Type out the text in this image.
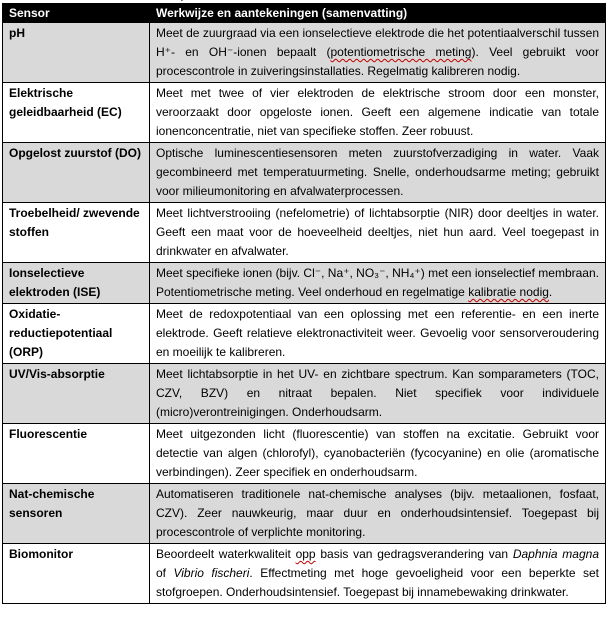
Sensor	Werkwijze en aantekeningen (samenvatting)
pH	Meet de zuurgraad via een ionselectieve elektrode die het potentiaalverschil tussen H⁺- en OH⁻-ionen bepaalt (potentiometrische meting). Veel gebruikt voor procescontrole in zuiveringsinstallaties. Regelmatig kalibreren nodig.
Elektrische geleidbaarheid (EC)	Meet met twee of vier elektroden de elektrische stroom door een monster, veroorzaakt door opgeloste ionen. Geeft een algemene indicatie van totale ionenconcentratie, niet van specifieke stoffen. Zeer robuust.
Opgelost zuurstof (DO)	Optische luminescentiesensoren meten zuurstofverzadiging in water. Vaak gecombineerd met temperatuurmeting. Snelle, onderhoudsarme meting; gebruikt voor milieumonitoring en afvalwaterprocessen.
Troebelheid/ zwevende stoffen	Meet lichtverstrooiing (nefelometrie) of lichtabsorptie (NIR) door deeltjes in water. Geeft een maat voor de hoeveelheid deeltjes, niet hun aard. Veel toegepast in drinkwater en afvalwater.
Ionselectieve elektroden (ISE)	Meet specifieke ionen (bijv. Cl⁻, Na⁺, NO₃⁻, NH₄⁺) met een ionselectief membraan. Potentiometrische meting. Veel onderhoud en regelmatige kalibratie nodig.
Oxidatie-reductiepotentiaal (ORP)	Meet de redoxpotentiaal van een oplossing met een referentie- en een inerte elektrode. Geeft relatieve elektronactiviteit weer. Gevoelig voor sensorveroudering en moeilijk te kalibreren.
UV/Vis-absorptie	Meet lichtabsorptie in het UV- en zichtbare spectrum. Kan somparameters (TOC, CZV, BZV) en nitraat bepalen. Niet specifiek voor individuele (micro)verontreinigingen. Onderhoudsarm.
Fluorescentie	Meet uitgezonden licht (fluorescentie) van stoffen na excitatie. Gebruikt voor detectie van algen (chlorofyl), cyanobacteriën (fycocyanine) en olie (aromatische verbindingen). Zeer specifiek en onderhoudsarm.
Nat-chemische sensoren	Automatiseren traditionele nat-chemische analyses (bijv. metaalionen, fosfaat, CZV). Zeer nauwkeurig, maar duur en onderhoudsintensief. Toegepast bij procescontrole of verplichte monitoring.
Biomonitor	Beoordeelt waterkwaliteit opp basis van gedragsverandering van Daphnia magna of Vibrio fischeri. Effectmeting met hoge gevoeligheid voor een beperkte set stofgroepen. Onderhoudsintensief. Toegepast bij innamebewaking drinkwater.
